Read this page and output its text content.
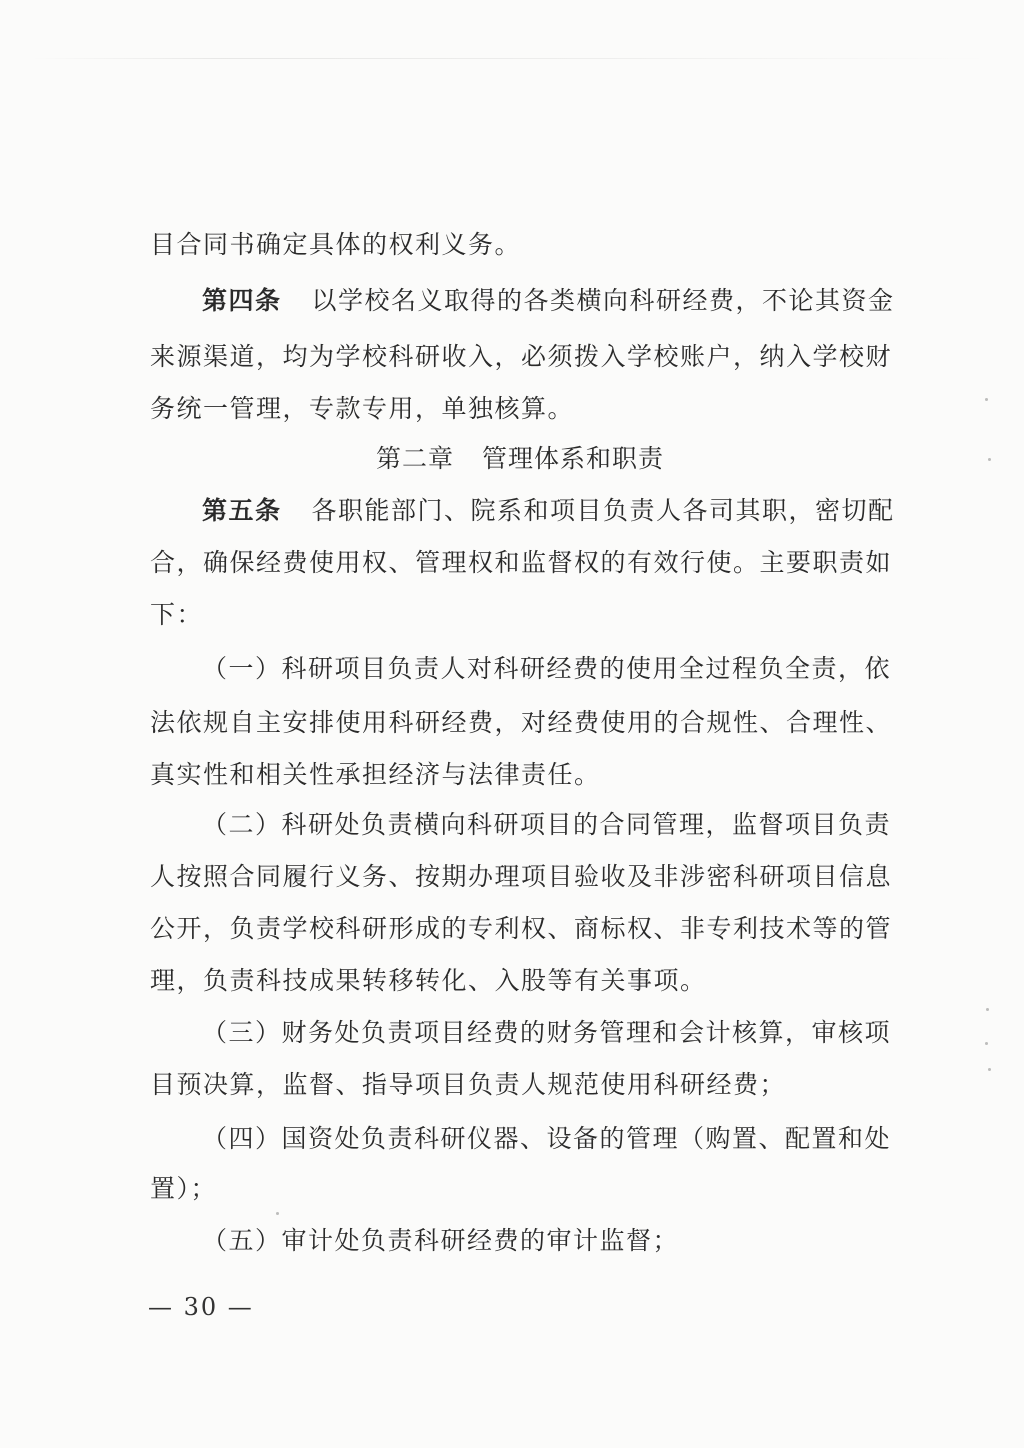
目合同书确定具体的权利义务。
第四条 以学校名义取得的各类横向科研经费，不论其资金
来源渠道，均为学校科研收入，必须拨入学校账户，纳入学校财
务统一管理，专款专用，单独核算。
第二章 管理体系和职责
第五条 各职能部门、院系和项目负责人各司其职，密切配
合，确保经费使用权、管理权和监督权的有效行使。主要职责如
下：
（一）科研项目负责人对科研经费的使用全过程负全责，依
法依规自主安排使用科研经费，对经费使用的合规性、合理性、
真实性和相关性承担经济与法律责任。
（二）科研处负责横向科研项目的合同管理，监督项目负责
人按照合同履行义务、按期办理项目验收及非涉密科研项目信息
公开，负责学校科研形成的专利权、商标权、非专利技术等的管
理，负责科技成果转移转化、入股等有关事项。
（三）财务处负责项目经费的财务管理和会计核算，审核项
目预决算，监督、指导项目负责人规范使用科研经费；
（四）国资处负责科研仪器、设备的管理（购置、配置和处
置）；
（五）审计处负责科研经费的审计监督；
— 30 —
